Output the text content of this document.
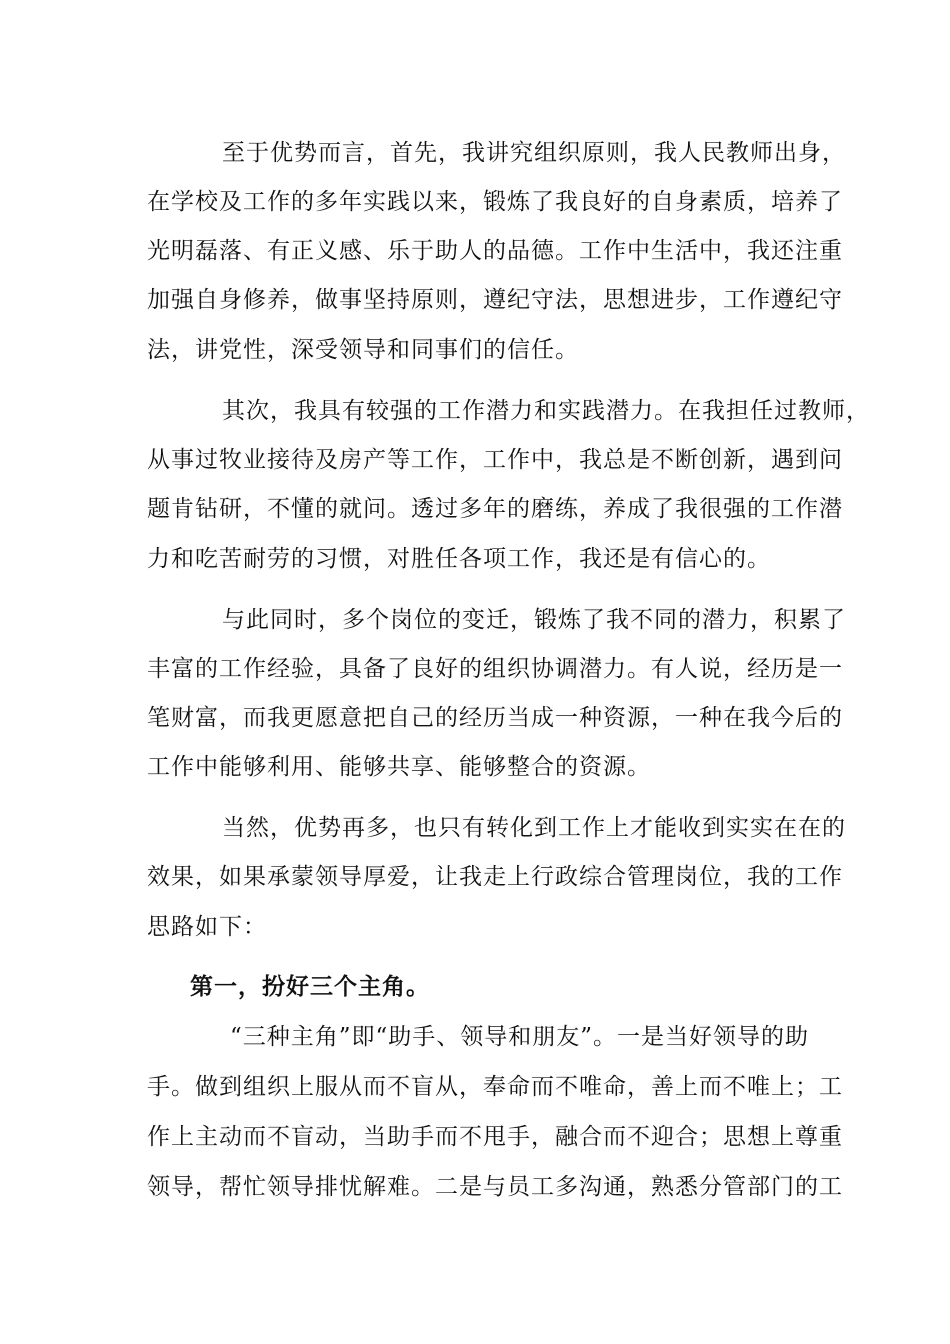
至于优势而言，首先，我讲究组织原则，我人民教师出身，
在学校及工作的多年实践以来，锻炼了我良好的自身素质，培养了
光明磊落、有正义感、乐于助人的品德。工作中生活中，我还注重
加强自身修养，做事坚持原则，遵纪守法，思想进步，工作遵纪守
法，讲党性，深受领导和同事们的信任。
其次，我具有较强的工作潜力和实践潜力。在我担任过教师，
从事过牧业接待及房产等工作，工作中，我总是不断创新，遇到问
题肯钻研，不懂的就问。透过多年的磨练，养成了我很强的工作潜
力和吃苦耐劳的习惯，对胜任各项工作，我还是有信心的。
与此同时，多个岗位的变迁，锻炼了我不同的潜力，积累了
丰富的工作经验，具备了良好的组织协调潜力。有人说，经历是一
笔财富，而我更愿意把自己的经历当成一种资源，一种在我今后的
工作中能够利用、能够共享、能够整合的资源。
当然，优势再多，也只有转化到工作上才能收到实实在在的
效果，如果承蒙领导厚爱，让我走上行政综合管理岗位，我的工作
思路如下：
第一，扮好三个主角。
“三种主角”即“助手、领导和朋友”。一是当好领导的助
手。做到组织上服从而不盲从，奉命而不唯命，善上而不唯上；工
作上主动而不盲动，当助手而不甩手，融合而不迎合；思想上尊重
领导，帮忙领导排忧解难。二是与员工多沟通，熟悉分管部门的工
